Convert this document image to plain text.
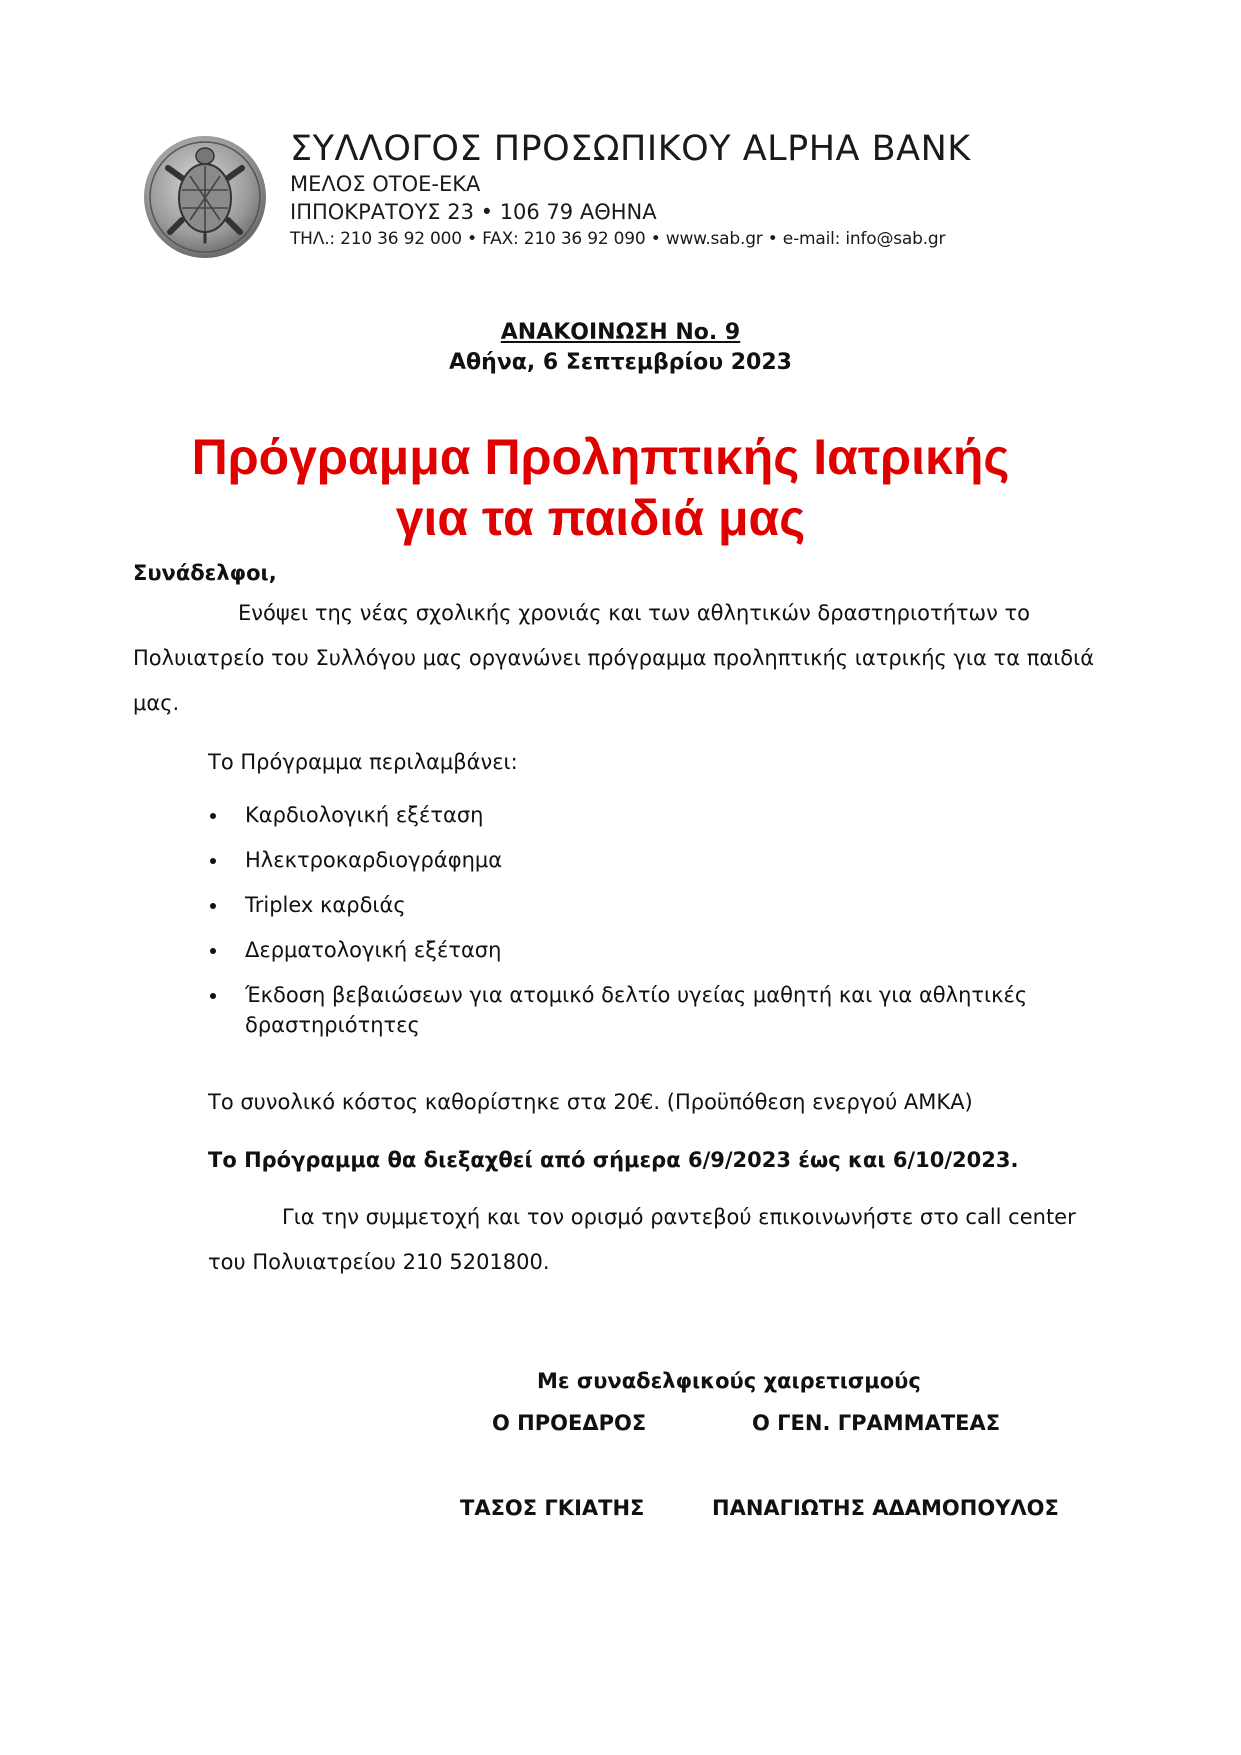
ΣΥΛΛΟΓΟΣ ΠΡΟΣΩΠΙΚΟΥ ALPHA BANK
ΜΕΛΟΣ ΟΤΟΕ-ΕΚΑ
ΙΠΠΟΚΡΑΤΟΥΣ 23 • 106 79 ΑΘΗΝΑ
ΤΗΛ.: 210 36 92 000 • FAX: 210 36 92 090 • www.sab.gr • e-mail: info@sab.gr
ΑΝΑΚΟΙΝΩΣΗ No. 9
Αθήνα, 6 Σεπτεμβρίου 2023
Πρόγραμμα Προληπτικής Ιατρικής
για τα παιδιά μας
Συνάδελφοι,
Ενόψει της νέας σχολικής χρονιάς και των αθλητικών δραστηριοτήτων το
Πολυιατρείο του Συλλόγου μας οργανώνει πρόγραμμα προληπτικής ιατρικής για τα παιδιά
μας.
Το Πρόγραμμα περιλαμβάνει:
Καρδιολογική εξέταση
Ηλεκτροκαρδιογράφημα
Triplex καρδιάς
Δερματολογική εξέταση
Έκδοση βεβαιώσεων για ατομικό δελτίο υγείας μαθητή και για αθλητικές
δραστηριότητες
Το συνολικό κόστος καθορίστηκε στα 20€. (Προϋπόθεση ενεργού ΑΜΚΑ)
Το Πρόγραμμα θα διεξαχθεί από σήμερα 6/9/2023 έως και 6/10/2023.
Για την συμμετοχή και τον ορισμό ραντεβού επικοινωνήστε στο call center
του Πολυιατρείου 210 5201800.
Με συναδελφικούς χαιρετισμούς
Ο ΠΡΟΕΔΡΟΣ	Ο ΓΕΝ. ΓΡΑΜΜΑΤΕΑΣ
ΤΑΣΟΣ ΓΚΙΑΤΗΣ	ΠΑΝΑΓΙΩΤΗΣ ΑΔΑΜΟΠΟΥΛΟΣ
